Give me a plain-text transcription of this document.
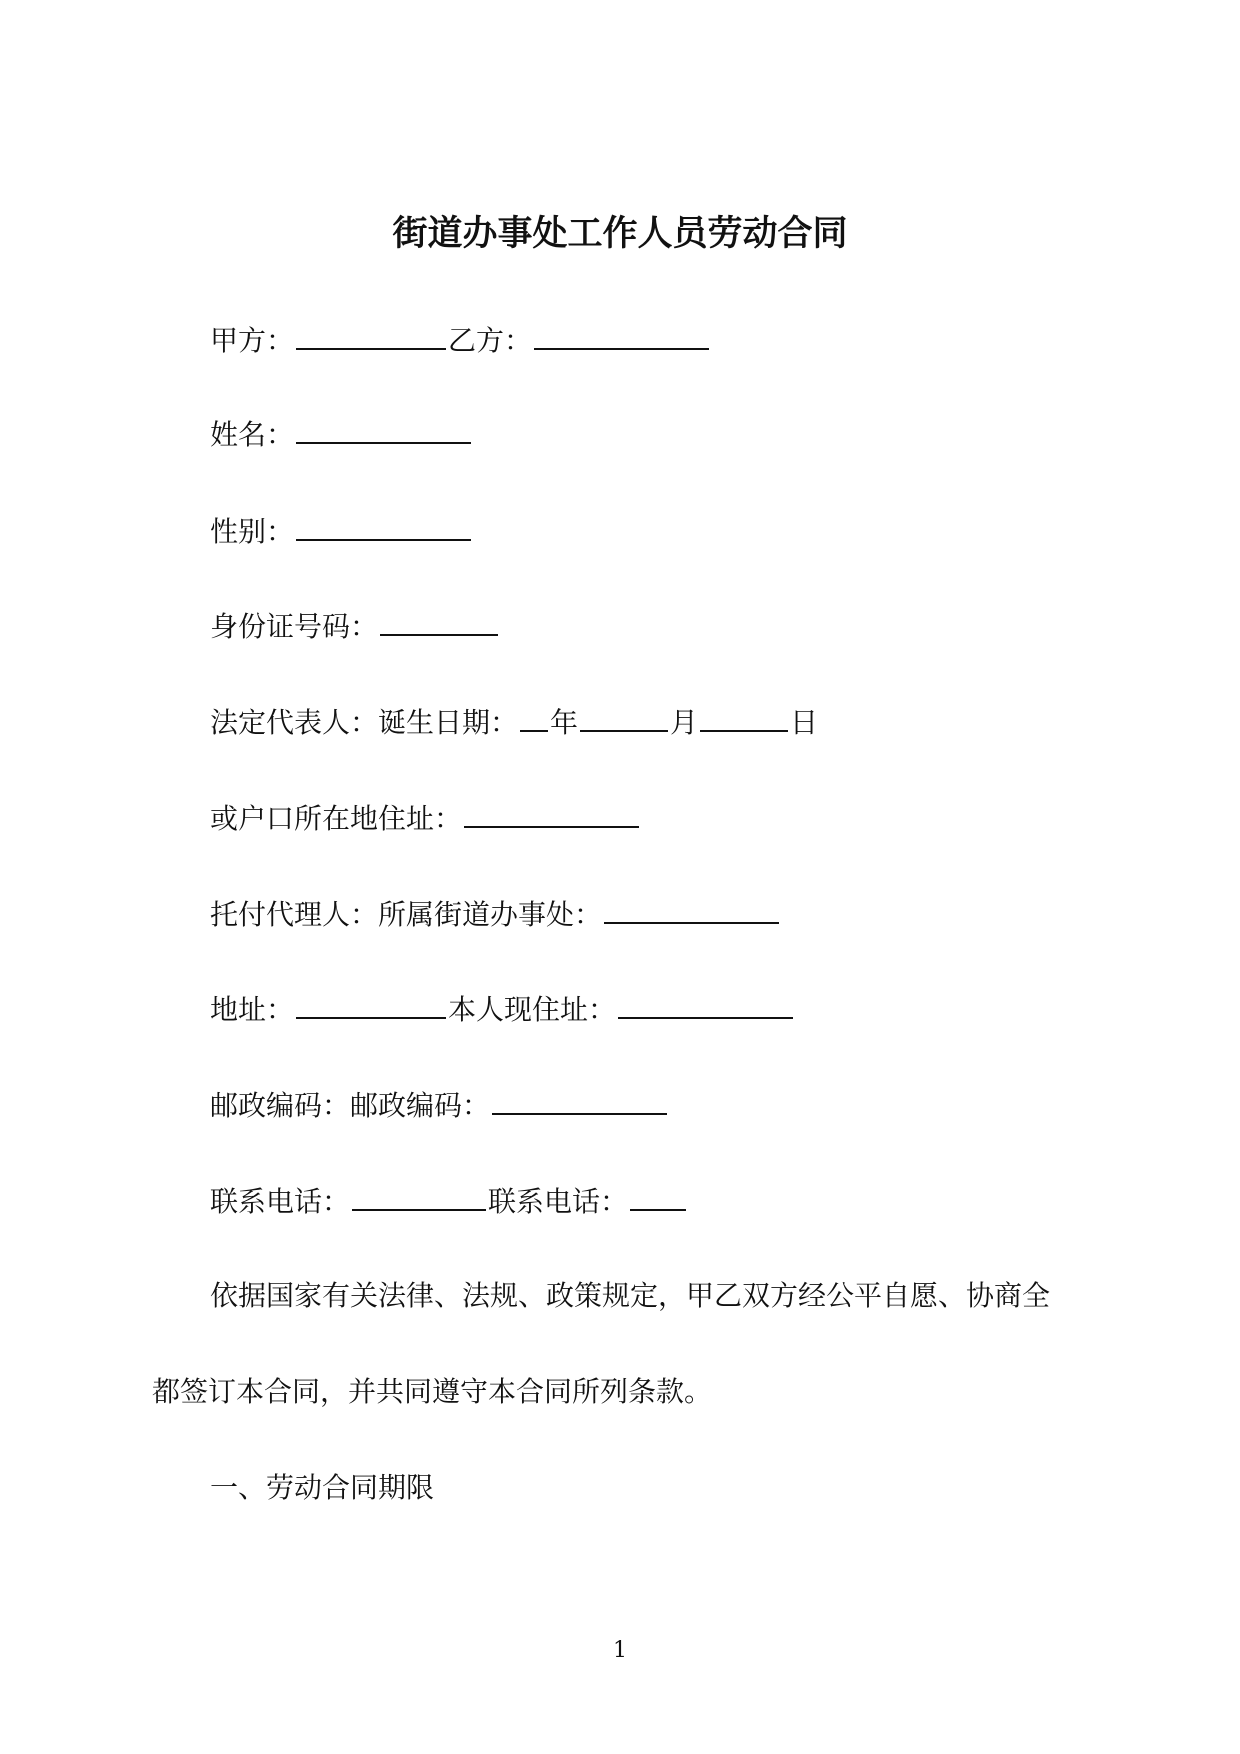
街道办事处工作人员劳动合同

甲方：	乙方：

姓名：

性别：

身份证号码：

法定代表人：诞生日期： 年	月	日

或户口所在地住址：

托付代理人：所属街道办事处：

地址：	本人现住址：

邮政编码：邮政编码：

联系电话：	联系电话：

依据国家有关法律、法规、政策规定，甲乙双方经公平自愿、协商全

都签订本合同，并共同遵守本合同所列条款。

一、劳动合同期限

1
